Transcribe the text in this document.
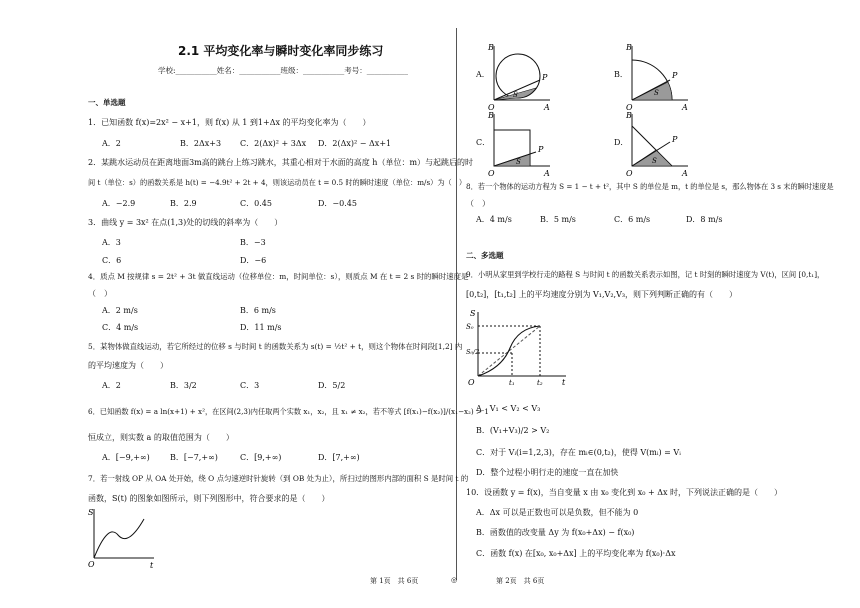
2.1 平均变化率与瞬时变化率同步练习
学校:___________姓名：___________班级：___________考号：___________
一、单选题
1．已知函数 f(x)=2x² − x+1，则 f(x) 从 1 到1+Δx 的平均变化率为（　　）
A．2	B．2Δx+3 C．2(Δx)² + 3Δx D．2(Δx)² − Δx+1
2．某跳水运动员在距离地面3m高的跳台上练习跳水，其重心相对于水面的高度 h（单位：m）与起跳后的时
间 t（单位：s）的函数关系是 h(t) = −4.9t² + 2t + 4，则该运动员在 t = 0.5 时的瞬时速度（单位：m/s）为（　）
A．−2.9	B．2.9	C．0.45	D．−0.45
3．曲线 y = 3x² 在点(1,3)处的切线的斜率为（　　）
A．3	B．−3
C．6	D．−6
4．质点 M 按规律 s = 2t² + 3t 做直线运动（位移单位：m，时间单位：s），则质点 M 在 t = 2 s 时的瞬时速度是
（　）
A．2 m/s	B．6 m/s
C．4 m/s	D．11 m/s
5．某物体做直线运动，若它所经过的位移 s 与时间 t 的函数关系为 s(t) = ½t² + t，则这个物体在时间段[1,2] 内
的平均速度为（　　）
A．2	B．3/2	C．3	D．5/2
6．已知函数 f(x) = a ln(x+1) + x²，在区间(2,3)内任取两个实数 x₁，x₂，且 x₁ ≠ x₂，若不等式 [f(x₁)−f(x₂)]/(x₁−x₂) > 1
恒成立，则实数 a 的取值范围为（　　）
A．[−9,+∞)	B．[−7,+∞)	C．[9,+∞)	D．[7,+∞)
7．若一射线 OP 从 OA 处开始，绕 O 点匀速逆时针旋转（到 OB 处为止），所扫过的图形内部的面积 S 是时间 t 的
函数，S(t) 的图象如图所示，则下列图形中，符合要求的是（　　）
S
t
O
A．
B
P
S
O	A
B．
B
P
S
O	A
C．
B
P
S
O	A
D．
B
P
S
O	A
8．若一个物体的运动方程为 S = 1 − t + t²，其中 S 的单位是 m，t 的单位是 s，那么物体在 3 s 末的瞬时速度是
（　）
A．4 m/s	B．5 m/s	C．6 m/s	D．8 m/s
二、多选题
9．小明从家里到学校行走的路程 S 与时间 t 的函数关系表示如图，记 t 时刻的瞬时速度为 V(t)，区间 [0,t₁]，
[0,t₂]，[t₁,t₂] 上的平均速度分别为 V₁,V₂,V₃，则下列判断正确的有（　　）
S
S₀
S₀/2
O	t₁	t₂ t
A．V₁ < V₂ < V₃
B．(V₁+V₃)/2 > V₂
C．对于 Vᵢ(i=1,2,3)，存在 mᵢ∈(0,t₂)，使得 V(mᵢ) = Vᵢ
D．整个过程小明行走的速度一直在加快
10．设函数 y = f(x)，当自变量 x 由 x₀ 变化到 x₀ + Δx 时，下列说法正确的是（　　）
A．Δx 可以是正数也可以是负数，但不能为 0
B．函数值的改变量 Δy 为 f(x₀+Δx) − f(x₀)
C．函数 f(x) 在[x₀, x₀+Δx] 上的平均变化率为 f(x₀)·Δx
第 1页　共 6页	◎	第 2页　共 6页
